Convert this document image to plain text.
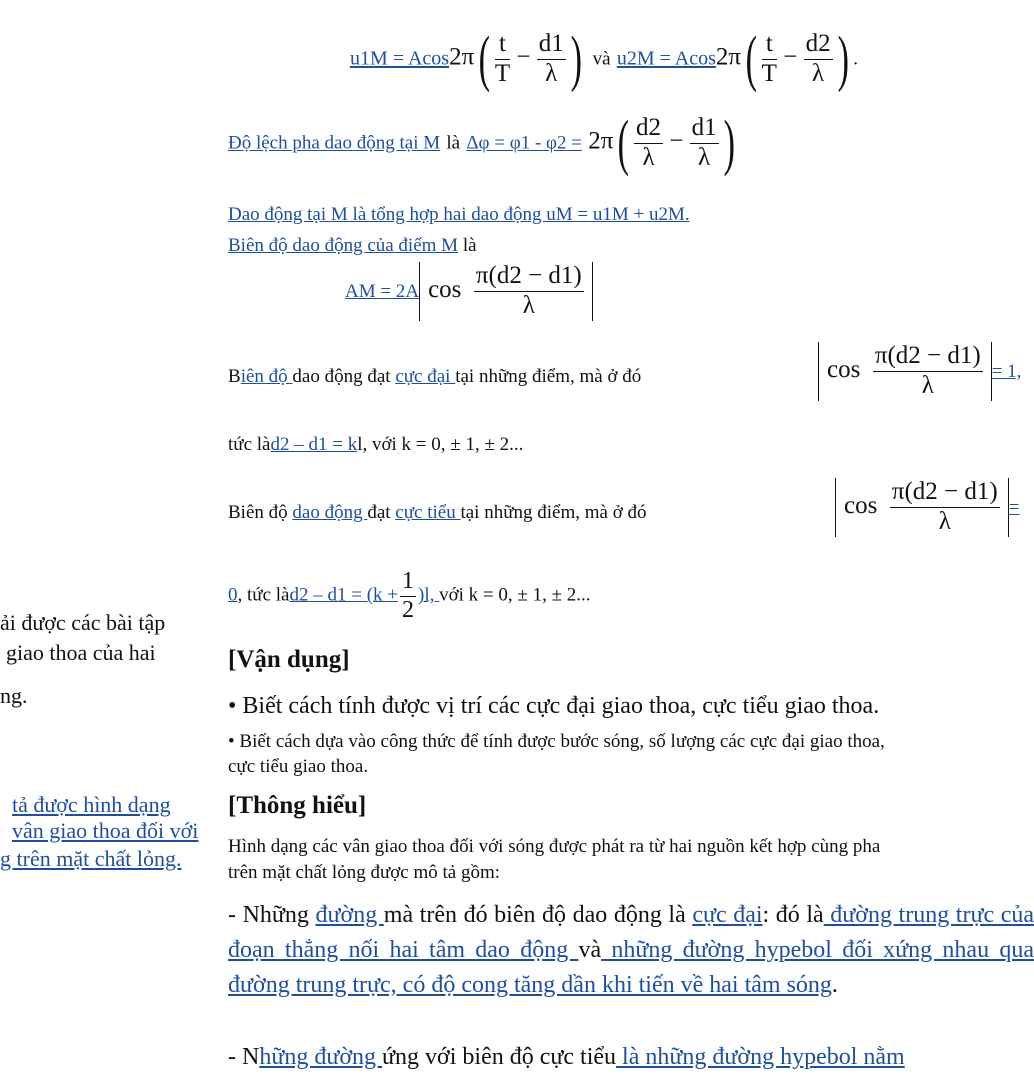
$u1M = Acos2\pi( \frac{t}{T} - \frac{d1}{\lambda}$ ) và $u2M = Acos2\pi( \frac{t}{T} - \frac{d2}{\lambda}$ ) .
Độ lệch pha dao động tại M là $\Delta\varphi = \varphi 1 - \varphi 2 = 2\pi( \frac{d2}{\lambda} - \frac{d1}{\lambda}$ )
Dao động tại M là tổng hợp hai dao động uM = u1M + u2M.
Biên độ dao động của điểm M là
AM = 2A $\cos \frac{\pi(d2 - d1)}{\lambda}$
Biên độ dao động đạt cực đại tại những điểm, mà ở đó	$\cos \frac{\pi(d2 - d1)}{\lambda} = 1$,
tức làd2 – d1 = kl, với k = 0, ± 1, ± 2...
Biên độ dao động đạt cực tiểu tại những điểm, mà ở đó	$\cos \frac{\pi(d2 - d1)}{\lambda}$ =
0, tức làd2 – $d1 = (k + \frac{1}{2} )l$, với k = 0, ± 1, ± 2...
ải được các bài tập
giao thoa của hai
ng.
tả được hình dạng
vân giao thoa đối với
g trên mặt chất lỏng.
[Vận dụng]
• Biết cách tính được vị trí các cực đại giao thoa, cực tiểu giao thoa.
• Biết cách dựa vào công thức để tính được bước sóng, số lượng các cực đại giao thoa,
cực tiểu giao thoa.
[Thông hiểu]
Hình dạng các vân giao thoa đối với sóng được phát ra từ hai nguồn kết hợp cùng pha
trên mặt chất lỏng được mô tả gồm:
- Những đường mà trên đó biên độ dao động là cực đại: đó là đường trung trực của đoạn thẳng nối hai tâm dao động và những đường hypebol đối xứng nhau qua đường trung trực, có độ cong tăng dần khi tiến về hai tâm sóng.
- Những đường ứng với biên độ cực tiểu là những đường hypebol nằm
